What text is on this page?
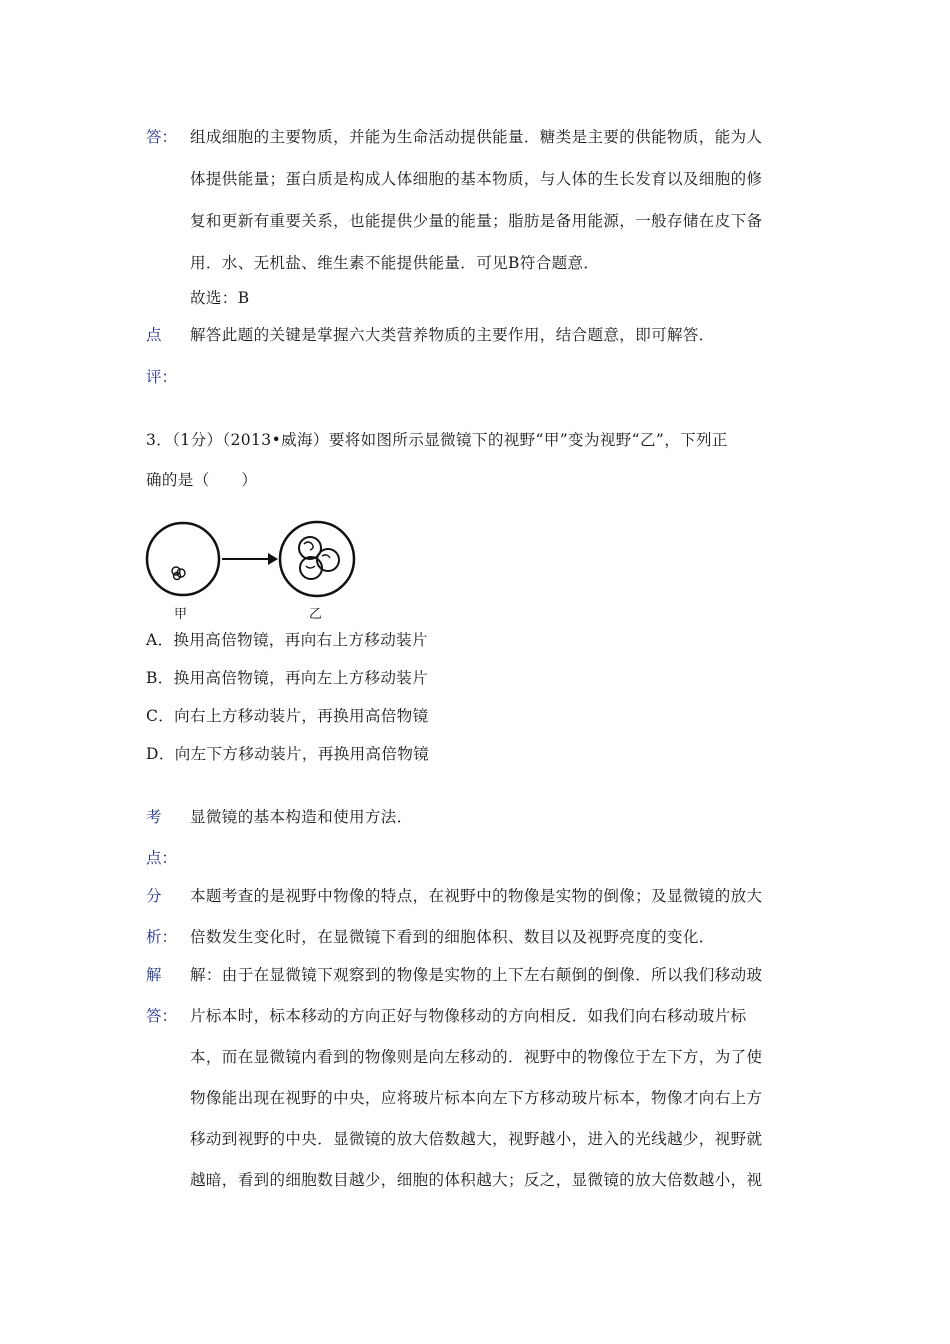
答： 组成细胞的主要物质，并能为生命活动提供能量．糖类是主要的供能物质，能为人
体提供能量；蛋白质是构成人体细胞的基本物质，与人体的生长发育以及细胞的修
复和更新有重要关系，也能提供少量的能量；脂肪是备用能源，一般存储在皮下备
用．水、无机盐、维生素不能提供能量．可见B符合题意．
故选：B
点 解答此题的关键是掌握六大类营养物质的主要作用，结合题意，即可解答．
评：
3．（1分）（2013•威海）要将如图所示显微镜下的视野“甲”变为视野“乙”，下列正
确的是（　　）
甲	乙
A．换用高倍物镜，再向右上方移动装片
B．换用高倍物镜，再向左上方移动装片
C．向右上方移动装片，再换用高倍物镜
D．向左下方移动装片，再换用高倍物镜
考 显微镜的基本构造和使用方法．
点：
分 本题考查的是视野中物像的特点，在视野中的物像是实物的倒像；及显微镜的放大
析： 倍数发生变化时，在显微镜下看到的细胞体积、数目以及视野亮度的变化．
解 解：由于在显微镜下观察到的物像是实物的上下左右颠倒的倒像．所以我们移动玻
答： 片标本时，标本移动的方向正好与物像移动的方向相反．如我们向右移动玻片标
本，而在显微镜内看到的物像则是向左移动的．视野中的物像位于左下方，为了使
物像能出现在视野的中央，应将玻片标本向左下方移动玻片标本，物像才向右上方
移动到视野的中央．显微镜的放大倍数越大，视野越小，进入的光线越少，视野就
越暗，看到的细胞数目越少，细胞的体积越大；反之，显微镜的放大倍数越小，视
